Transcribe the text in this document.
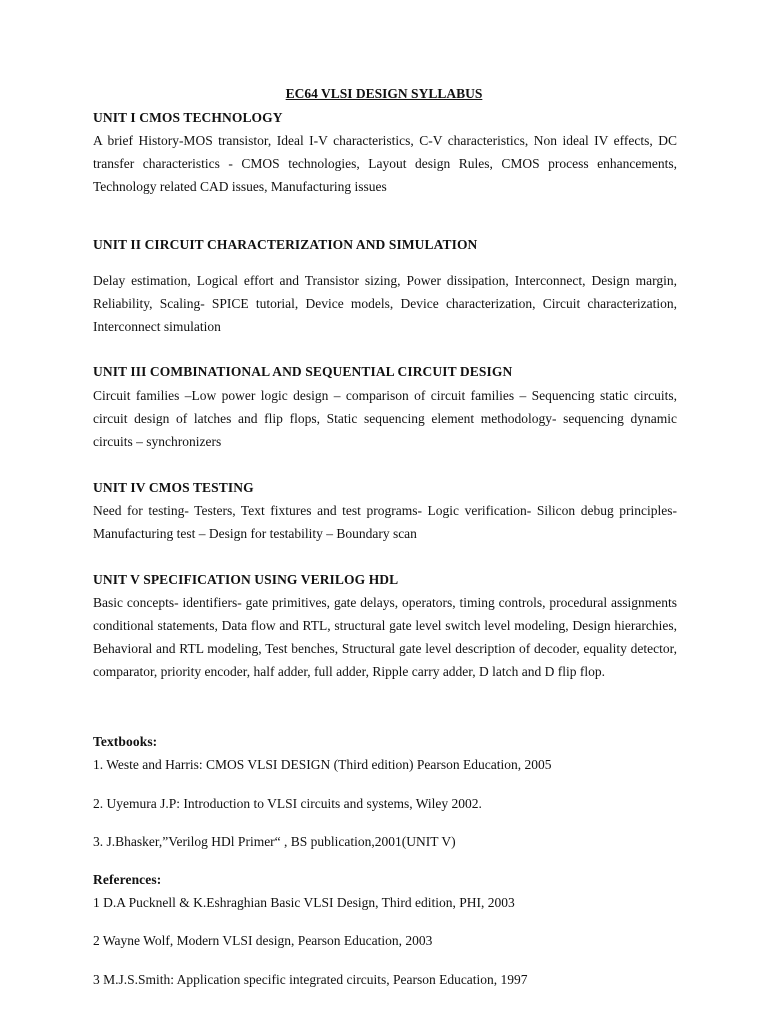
EC64 VLSI DESIGN SYLLABUS
UNIT I CMOS TECHNOLOGY
A brief History-MOS transistor, Ideal I-V characteristics, C-V characteristics, Non ideal IV effects, DC transfer characteristics - CMOS technologies, Layout design Rules, CMOS process enhancements, Technology related CAD issues, Manufacturing issues
UNIT II CIRCUIT CHARACTERIZATION AND SIMULATION
Delay estimation, Logical effort and Transistor sizing, Power dissipation, Interconnect, Design margin, Reliability, Scaling- SPICE tutorial, Device models, Device characterization, Circuit characterization, Interconnect simulation
UNIT III COMBINATIONAL AND SEQUENTIAL CIRCUIT DESIGN
Circuit families –Low power logic design – comparison of circuit families – Sequencing static circuits, circuit design of latches and flip flops, Static sequencing element methodology- sequencing dynamic circuits – synchronizers
UNIT IV CMOS TESTING
Need for testing- Testers, Text fixtures and test programs- Logic verification- Silicon debug principles- Manufacturing test – Design for testability – Boundary scan
UNIT V SPECIFICATION USING VERILOG HDL
Basic concepts- identifiers- gate primitives, gate delays, operators, timing controls, procedural assignments conditional statements, Data flow and RTL, structural gate level switch level modeling, Design hierarchies, Behavioral and RTL modeling, Test benches, Structural gate level description of decoder, equality detector, comparator, priority encoder, half adder, full adder, Ripple carry adder, D latch and D flip flop.
Textbooks:
1. Weste and Harris: CMOS VLSI DESIGN (Third edition) Pearson Education, 2005
2. Uyemura J.P: Introduction to VLSI circuits and systems, Wiley 2002.
3. J.Bhasker,”Verilog HDl Primer“ , BS publication,2001(UNIT V)
References:
1 D.A Pucknell & K.Eshraghian Basic VLSI Design, Third edition, PHI, 2003
2 Wayne Wolf, Modern VLSI design, Pearson Education, 2003
3 M.J.S.Smith: Application specific integrated circuits, Pearson Education, 1997
